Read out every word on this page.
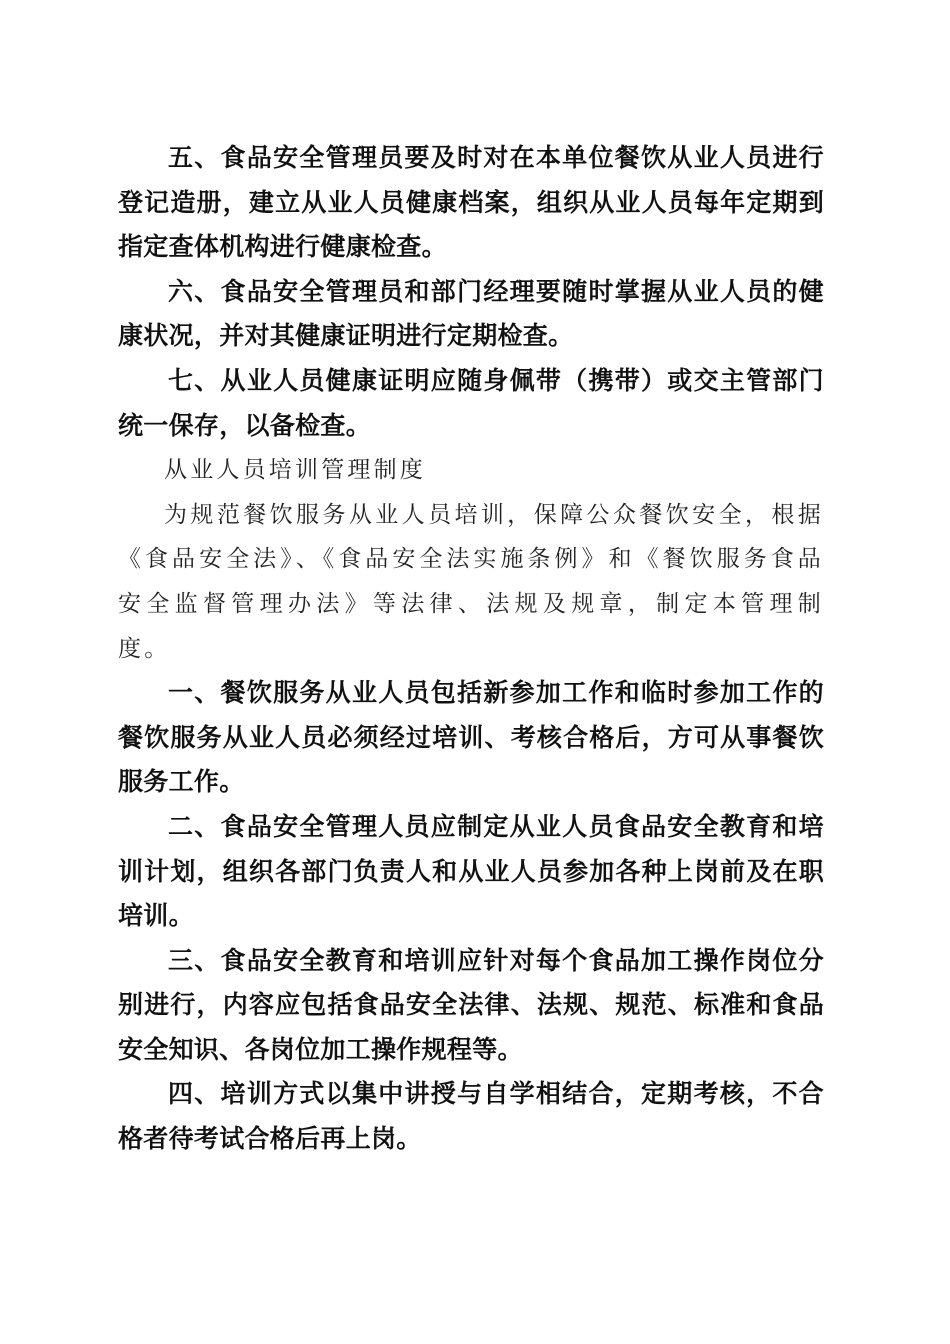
五、食品安全管理员要及时对在本单位餐饮从业人员进行登记造册，建立从业人员健康档案，组织从业人员每年定期到指定查体机构进行健康检查。

六、食品安全管理员和部门经理要随时掌握从业人员的健康状况，并对其健康证明进行定期检查。

七、从业人员健康证明应随身佩带（携带）或交主管部门统一保存，以备检查。

从业人员培训管理制度

为规范餐饮服务从业人员培训，保障公众餐饮安全，根据《食品安全法》、《食品安全法实施条例》和《餐饮服务食品安全监督管理办法》等法律、法规及规章，制定本管理制度。

一、餐饮服务从业人员包括新参加工作和临时参加工作的餐饮服务从业人员必须经过培训、考核合格后，方可从事餐饮服务工作。

二、食品安全管理人员应制定从业人员食品安全教育和培训计划，组织各部门负责人和从业人员参加各种上岗前及在职培训。

三、食品安全教育和培训应针对每个食品加工操作岗位分别进行，内容应包括食品安全法律、法规、规范、标准和食品安全知识、各岗位加工操作规程等。

四、培训方式以集中讲授与自学相结合，定期考核，不合格者待考试合格后再上岗。
